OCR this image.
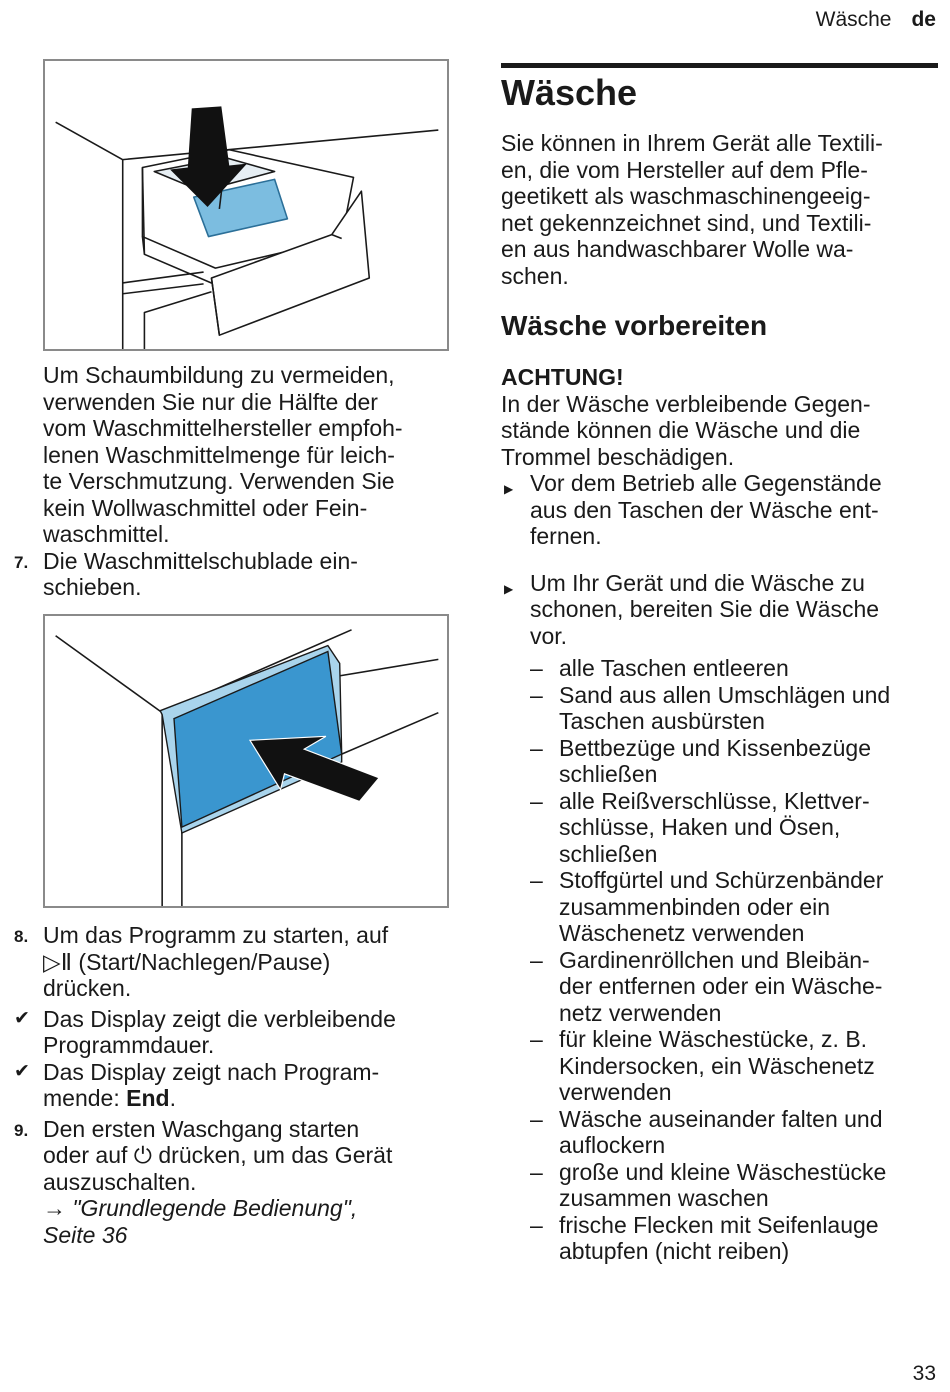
Wäsche de
Um Schaumbildung zu vermeiden,
verwenden Sie nur die Hälfte der
vom Waschmittelhersteller empfoh-
lenen Waschmittelmenge für leich-
te Verschmutzung. Verwenden Sie
kein Wollwaschmittel oder Fein-
waschmittel.
7. Die Waschmittelschublade ein-
schieben.
8. Um das Programm zu starten, auf
▷Ⅱ (Start/Nachlegen/Pause)
drücken.
✔ Das Display zeigt die verbleibende
Programmdauer.
✔ Das Display zeigt nach Program-
mende: End.
9. Den ersten Waschgang starten
oder auf ⏻ drücken, um das Gerät
auszuschalten.
→ "Grundlegende Bedienung",
Seite 36
Wäsche
Sie können in Ihrem Gerät alle Textili-
en, die vom Hersteller auf dem Pfle-
geetikett als waschmaschinengeeig-
net gekennzeichnet sind, und Textili-
en aus handwaschbarer Wolle wa-
schen.
Wäsche vorbereiten
ACHTUNG!
In der Wäsche verbleibende Gegen-
stände können die Wäsche und die
Trommel beschädigen.
▶ Vor dem Betrieb alle Gegenstände
aus den Taschen der Wäsche ent-
fernen.
▶ Um Ihr Gerät und die Wäsche zu
schonen, bereiten Sie die Wäsche
vor.
– alle Taschen entleeren
– Sand aus allen Umschlägen und
Taschen ausbürsten
– Bettbezüge und Kissenbezüge
schließen
– alle Reißverschlüsse, Klettver-
schlüsse, Haken und Ösen,
schließen
– Stoffgürtel und Schürzenbänder
zusammenbinden oder ein
Wäschenetz verwenden
– Gardinenröllchen und Bleibän-
der entfernen oder ein Wäsche-
netz verwenden
– für kleine Wäschestücke, z. B.
Kindersocken, ein Wäschenetz
verwenden
– Wäsche auseinander falten und
auflockern
– große und kleine Wäschestücke
zusammen waschen
– frische Flecken mit Seifenlauge
abtupfen (nicht reiben)
33
